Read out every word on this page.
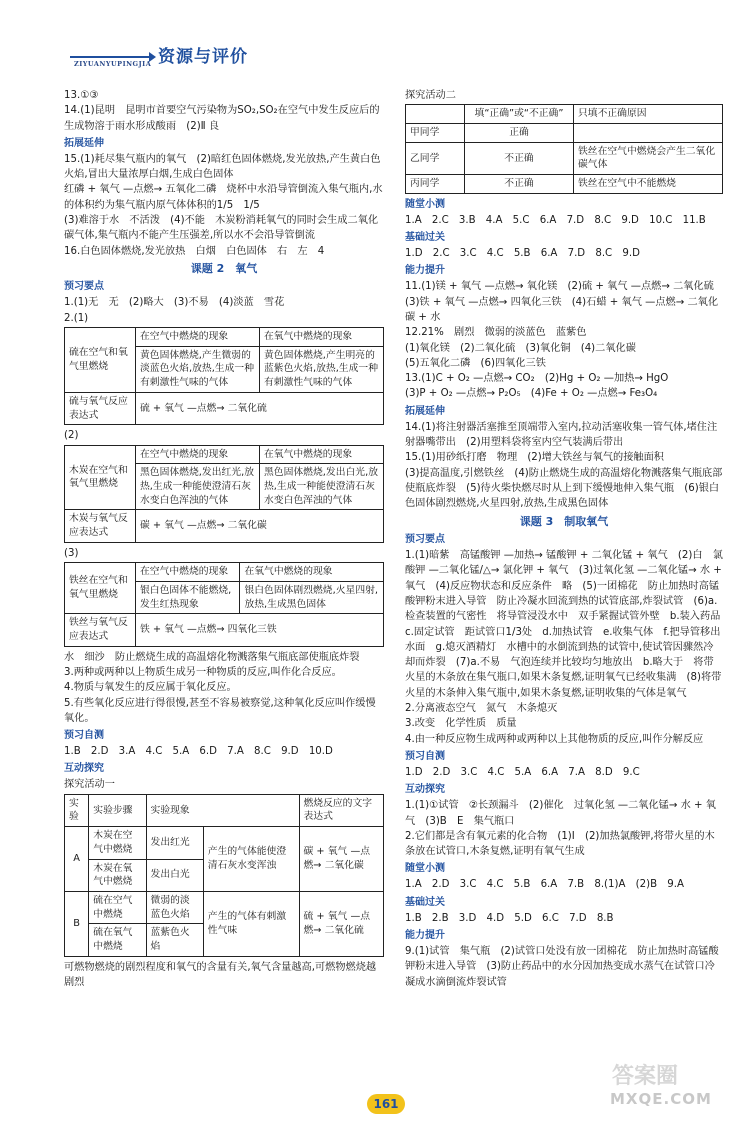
ZIYUANYUPINGJIA 资源与评价

13.①③

14.(1)昆明　昆明市首要空气污染物为SO₂,SO₂在空气中发生反应后的生成物溶于雨水形成酸雨　(2)Ⅱ 良

拓展延伸

15.(1)耗尽集气瓶内的氧气　(2)暗红色固体燃烧,发光放热,产生黄白色火焰,冒出大量浓厚白烟,生成白色固体

红磷 + 氧气 —点燃→ 五氧化二磷　烧杯中水沿导管倒流入集气瓶内,水的体积约为集气瓶内原气体体积的1/5　1/5

(3)难溶于水　不活泼　(4)不能　木炭粉消耗氧气的同时会生成二氧化碳气体,集气瓶内不能产生压强差,所以水不会沿导管倒流

16.白色固体燃烧,发光放热　白烟　白色固体　右　左　4

课题 2　氧气
预习要点

1.(1)无　无　(2)略大　(3)不易　(4)淡蓝　雪花

2.(1)

硫在空气和氧气里燃烧	在空气中燃烧的现象	在氧气中燃烧的现象
	黄色固体燃烧,产生微弱的淡蓝色火焰,放热,生成一种有刺激性气味的气体	黄色固体燃烧,产生明亮的蓝紫色火焰,放热,生成一种有刺激性气味的气体
硫与氧气反应表达式	硫 + 氧气 —点燃→ 二氧化硫	

(2)

木炭在空气和氧气里燃烧	在空气中燃烧的现象	在氧气中燃烧的现象
	黑色固体燃烧,发出红光,放热,生成一种能使澄清石灰水变白色浑浊的气体	黑色固体燃烧,发出白光,放热,生成一种能使澄清石灰水变白色浑浊的气体
木炭与氧气反应表达式	碳 + 氧气 —点燃→ 二氧化碳	

(3)

铁丝在空气和氧气里燃烧	在空气中燃烧的现象	在氧气中燃烧的现象
	银白色固体不能燃烧,发生红热现象	银白色固体剧烈燃烧,火星四射,放热,生成黑色固体
铁丝与氧气反应表达式	铁 + 氧气 —点燃→ 四氧化三铁	

水　细沙　防止燃烧生成的高温熔化物溅落集气瓶底部使瓶底炸裂

3.两种或两种以上物质生成另一种物质的反应,叫作化合反应。

4.物质与氧发生的反应属于氧化反应。

5.有些氧化反应进行得很慢,甚至不容易被察觉,这种氧化反应叫作缓慢氧化。

预习自测

1.B　2.D　3.A　4.C　5.A　6.D　7.A　8.C　9.D　10.D

互动探究

探究活动一

实验	实验步骤	实验现象		燃烧反应的文字表达式
A	木炭在空气中燃烧	发出红光	产生的气体能使澄清石灰水变浑浊	碳 + 氧气 —点燃→ 二氧化碳
	木炭在氧气中燃烧	发出白光		
B	硫在空气中燃烧	微弱的淡蓝色火焰	产生的气体有刺激性气味	硫 + 氧气 —点燃→ 二氧化硫
	硫在氧气中燃烧	蓝紫色火焰		

可燃物燃烧的剧烈程度和氧气的含量有关,氧气含量越高,可燃物燃烧越剧烈

探究活动二

	填“正确”或“不正确”	只填不正确原因
甲同学	正确	
乙同学	不正确	铁丝在空气中燃烧会产生二氧化碳气体
丙同学	不正确	铁丝在空气中不能燃烧
随堂小测

1.A　2.C　3.B　4.A　5.C　6.A　7.D　8.C　9.D　10.C　11.B

基础过关

1.D　2.C　3.C　4.C　5.B　6.A　7.D　8.C　9.D

能力提升

11.(1)镁 + 氧气 —点燃→ 氧化镁　(2)硫 + 氧气 —点燃→ 二氧化硫

(3)铁 + 氧气 —点燃→ 四氧化三铁　(4)石蜡 + 氧气 —点燃→ 二氧化碳 + 水

12.21%　剧烈　微弱的淡蓝色　蓝紫色

(1)氧化镁　(2)二氧化硫　(3)氧化铜　(4)二氧化碳

(5)五氧化二磷　(6)四氧化三铁

13.(1)C + O₂ —点燃→ CO₂　(2)Hg + O₂ —加热→ HgO

(3)P + O₂ —点燃→ P₂O₅　(4)Fe + O₂ —点燃→ Fe₃O₄

拓展延伸

14.(1)将注射器活塞推至顶端带入室内,拉动活塞收集一管气体,堵住注射器嘴带出　(2)用塑料袋将室内空气装满后带出

15.(1)用砂纸打磨　物理　(2)增大铁丝与氧气的接触面积

(3)提高温度,引燃铁丝　(4)防止燃烧生成的高温熔化物溅落集气瓶底部使瓶底炸裂　(5)待火柴快燃尽时从上到下缓慢地伸入集气瓶　(6)银白色固体剧烈燃烧,火星四射,放热,生成黑色固体

课题 3　制取氧气
预习要点

1.(1)暗紫　高锰酸钾 —加热→ 锰酸钾 + 二氧化锰 + 氧气　(2)白　氯酸钾 —二氧化锰/△→ 氯化钾 + 氧气　(3)过氧化氢 —二氧化锰→ 水 + 氧气　(4)反应物状态和反应条件　略　(5)一团棉花　防止加热时高锰酸钾粉末进入导管　防止冷凝水回流到热的试管底部,炸裂试管　(6)a.检查装置的气密性　将导管浸没水中　双手紧握试管外壁　b.装入药品　c.固定试管　距试管口1/3处　d.加热试管　e.收集气体　f.把导管移出水面　g.熄灭酒精灯　水槽中的水倒流到热的试管中,使试管因骤然冷却而炸裂　(7)a.不易　气泡连续并比较均匀地放出　b.略大于　将带火星的木条放在集气瓶口,如果木条复燃,证明氧气已经收集满　(8)将带火星的木条伸入集气瓶中,如果木条复燃,证明收集的气体是氧气

2.分离液态空气　氮气　木条熄灭

3.改变　化学性质　质量

4.由一种反应物生成两种或两种以上其他物质的反应,叫作分解反应

预习自测

1.D　2.D　3.C　4.C　5.A　6.A　7.A　8.D　9.C

互动探究

1.(1)①试管　②长颈漏斗　(2)催化　过氧化氢 —二氧化锰→ 水 + 氧气　(3)B　E　集气瓶口

2.它们都是含有氧元素的化合物　(1)Ⅰ　(2)加热氯酸钾,将带火星的木条放在试管口,木条复燃,证明有氧气生成

随堂小测

1.A　2.D　3.C　4.C　5.B　6.A　7.B　8.(1)A　(2)B　9.A

基础过关

1.B　2.B　3.D　4.D　5.D　6.C　7.D　8.B

能力提升

9.(1)试管　集气瓶　(2)试管口处没有放一团棉花　防止加热时高锰酸钾粉末进入导管　(3)防止药品中的水分因加热变成水蒸气在试管口冷凝成水滴倒流炸裂试管

161
答案圈
MXQE.COM
